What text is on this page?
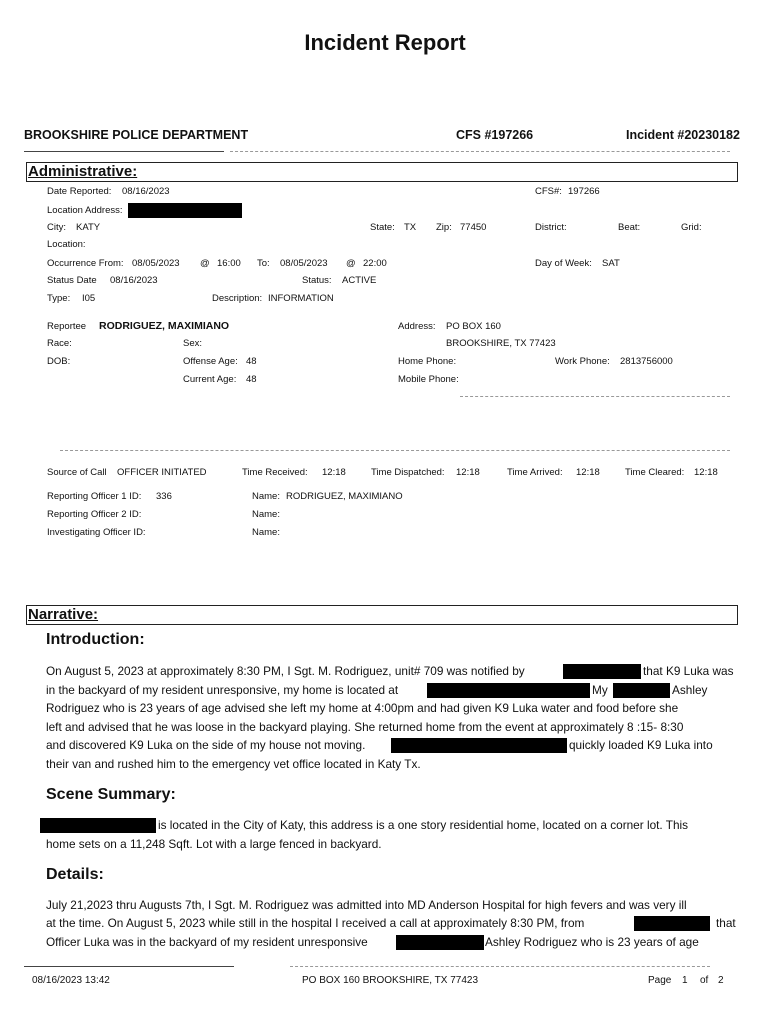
Incident Report
BROOKSHIRE POLICE DEPARTMENT	CFS #197266	Incident #20230182
Administrative:
Date Reported: 08/16/2023	CFS#: 197266
Location Address:
City: KATY	State: TX Zip: 77450	District:	Beat:	Grid:
Location:
Occurrence From: 08/05/2023 @ 16:00 To: 08/05/2023 @ 22:00	Day of Week: SAT
Status Date 08/16/2023	Status: ACTIVE
Type: I05	Description: INFORMATION
Reportee RODRIGUEZ, MAXIMIANO	Address: PO BOX 160
Race:	Sex:	BROOKSHIRE, TX 77423
DOB:	Offense Age: 48	Home Phone:	Work Phone: 2813756000
Current Age: 48	Mobile Phone:
Source of Call OFFICER INITIATED	Time Received: 12:18	Time Dispatched: 12:18	Time Arrived: 12:18	Time Cleared: 12:18
Reporting Officer 1 ID: 336	Name: RODRIGUEZ, MAXIMIANO
Reporting Officer 2 ID:	Name:
Investigating Officer ID:	Name:
Narrative:
Introduction:
On August 5, 2023 at approximately 8:30 PM, I Sgt. M. Rodriguez, unit# 709 was notified by	that K9 Luka was
in the backyard of my resident unresponsive, my home is located at	My	Ashley
Rodriguez who is 23 years of age advised she left my home at 4:00pm and had given K9 Luka water and food before she
left and advised that he was loose in the backyard playing. She returned home from the event at approximately 8 :15- 8:30
and discovered K9 Luka on the side of my house not moving.	quickly loaded K9 Luka into
their van and rushed him to the emergency vet office located in Katy Tx.
Scene Summary:
is located in the City of Katy, this address is a one story residential home, located on a corner lot. This
home sets on a 11,248 Sqft. Lot with a large fenced in backyard.
Details:
July 21,2023 thru Augusts 7th, I Sgt. M. Rodriguez was admitted into MD Anderson Hospital for high fevers and was very ill
at the time. On August 5, 2023 while still in the hospital I received a call at approximately 8:30 PM, from	that
Officer Luka was in the backyard of my resident unresponsive	Ashley Rodriguez who is 23 years of age
08/16/2023 13:42	PO BOX 160 BROOKSHIRE, TX 77423	Page 1 of 2
